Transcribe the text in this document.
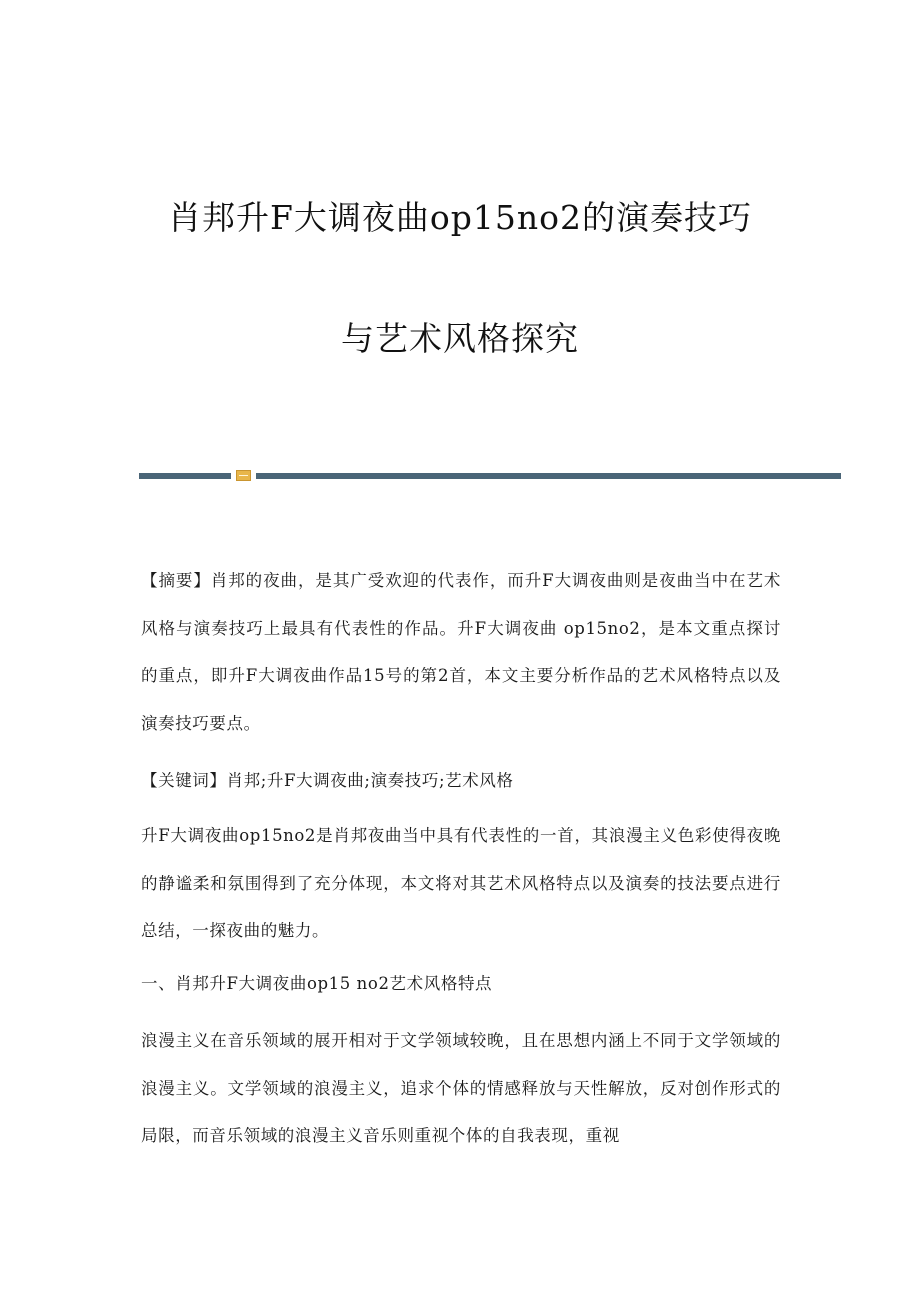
肖邦升F大调夜曲op15no2的演奏技巧
与艺术风格探究
【摘要】肖邦的夜曲，是其广受欢迎的代表作，而升F大调夜曲则是夜曲当中在艺术风格与演奏技巧上最具有代表性的作品。升F大调夜曲 op15no2，是本文重点探讨的重点，即升F大调夜曲作品15号的第2首，本文主要分析作品的艺术风格特点以及演奏技巧要点。
【关键词】肖邦;升F大调夜曲;演奏技巧;艺术风格
升F大调夜曲op15no2是肖邦夜曲当中具有代表性的一首，其浪漫主义色彩使得夜晚的静谧柔和氛围得到了充分体现，本文将对其艺术风格特点以及演奏的技法要点进行总结，一探夜曲的魅力。
一、肖邦升F大调夜曲op15 no2艺术风格特点
浪漫主义在音乐领域的展开相对于文学领域较晚，且在思想内涵上不同于文学领域的浪漫主义。文学领域的浪漫主义，追求个体的情感释放与天性解放，反对创作形式的局限，而音乐领域的浪漫主义音乐则重视个体的自我表现，重视
